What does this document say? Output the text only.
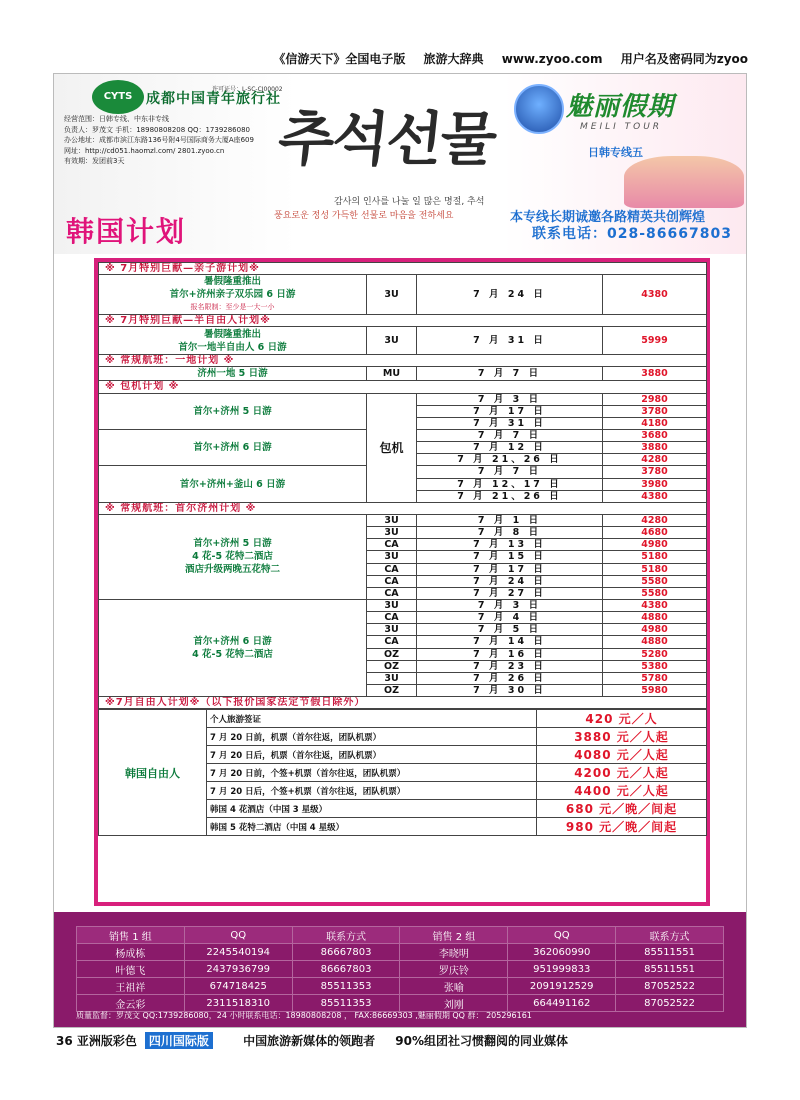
《信游天下》全国电子版 旅游大辞典 www.zyoo.com 用户名及密码同为zyoo
CYTS 成都中国青年旅行社
许可证号：L-SC-CJ00002
经营范围：日韩专线、中东非专线
负责人：罗茂文 手机：18980808208 QQ：1739286080
办公地址：成都市滨江东路136号附4号国际商务大厦A座609
网址：http://cd051.haomzl.com/ 2801.zyoo.cn
有效期：发团前3天	추석선물
감사의 인사를 나눌 일 많은 명절, 추석
풍요로운 정성 가득한 선물로 마음을 전하세요
魅丽假期
MEILI TOUR
日韩专线五
韩国计划	本专线长期诚邀各路精英共创辉煌
联系电话：028-86667803
※ 7月特别巨献—亲子游计划※			

暑假隆重推出
首尔+济州亲子双乐园 6 日游
报名限制：至少是一大一小	3U	7 月 24 日	4380
※ 7月特别巨献—半自由人计划※			

暑假隆重推出
首尔一地半自由人 6 日游	3U	7 月 31 日	5999
※ 常规航班：一地计划 ※			
济州一地 5 日游	MU	7 月 7 日	3880
※ 包机计划 ※			
首尔+济州 5 日游	包机	7 月 3 日	2980
		7 月 17 日	3780
		7 月 31 日	4180
首尔+济州 6 日游		7 月 7 日	3680
		7 月 12 日	3880
		7 月 21、26 日	4280
首尔+济州+釜山 6 日游		7 月 7 日	3780
		7 月 12、17 日	3980
		7 月 21、26 日	4380
※ 常规航班：首尔济州计划 ※			

首尔+济州 5 日游
4 花-5 花特二酒店
酒店升级两晚五花特二	3U	7 月 1 日	4280
	3U	7 月 8 日	4680
	CA	7 月 13 日	4980
	3U	7 月 15 日	5180
	CA	7 月 17 日	5180
	CA	7 月 24 日	5580
	CA	7 月 27 日	5580

首尔+济州 6 日游
4 花-5 花特二酒店	3U	7 月 3 日	4380
	CA	7 月 4 日	4880
	3U	7 月 5 日	4980
	CA	7 月 14 日	4880
	OZ	7 月 16 日	5280
	OZ	7 月 23 日	5380
	3U	7 月 26 日	5780
	OZ	7 月 30 日	5980
※7月自由人计划※（以下报价国家法定节假日除外）			
韩国自由人	个人旅游签证	420 元／人
	7 月 20 日前，机票（首尔往返，团队机票）	3880 元／人起
	7 月 20 日后，机票（首尔往返，团队机票）	4080 元／人起
	7 月 20 日前，个签+机票（首尔往返，团队机票）	4200 元／人起
	7 月 20 日后，个签+机票（首尔往返，团队机票）	4400 元／人起
	韩国 4 花酒店（中国 3 星级）	680 元／晚／间起
	韩国 5 花特二酒店（中国 4 星级）	980 元／晚／间起
销售 1 组	QQ	联系方式	销售 2 组	QQ	联系方式
杨成栋	2245540194	86667803	李晓明	362060990	85511551
叶德飞	2437936799	86667803	罗庆铃	951999833	85511551
王祖祥	674718425	85511353	张喻	2091912529	87052522
金云彩	2311518310	85511353	刘刚	664491162	87052522
质量监督：罗茂文 QQ:1739286080，24 小时联系电话：18980808208 ， FAX:86669303 ,魅丽假期 QQ 群： 205296161
36 亚洲版彩色 四川国际版	中国旅游新媒体的领跑者 90%组团社习惯翻阅的同业媒体
